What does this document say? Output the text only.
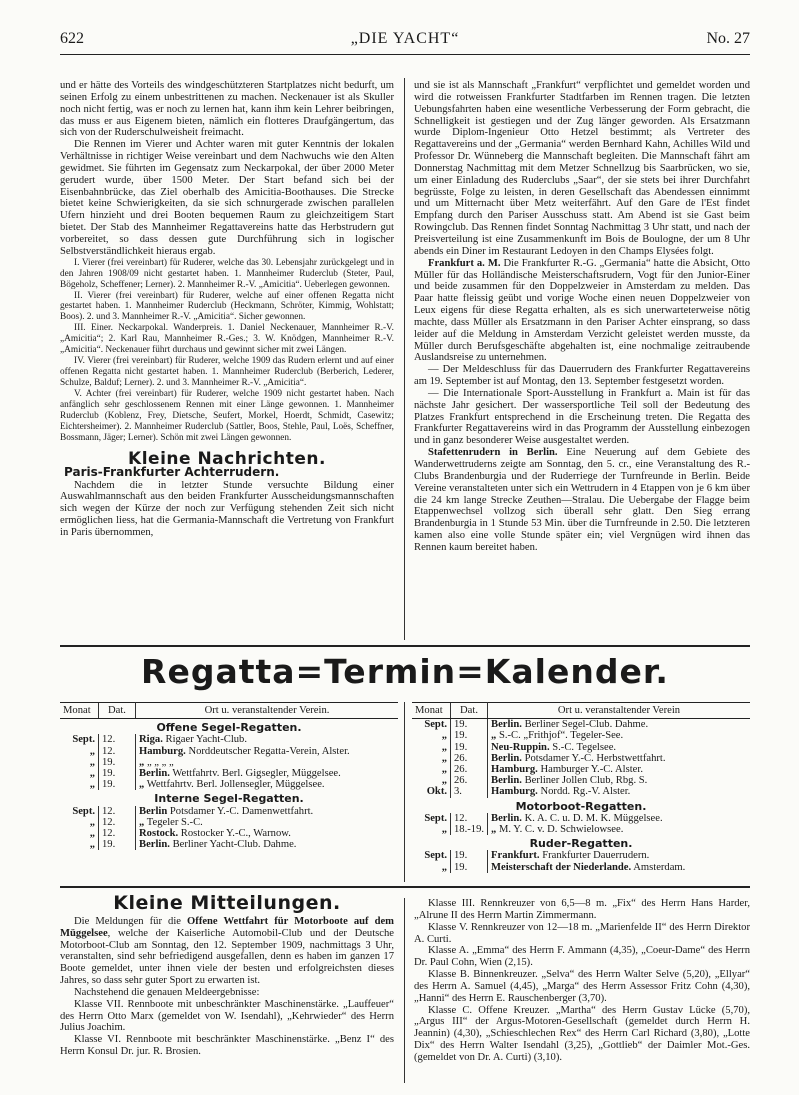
622	„DIE YACHT“	No. 27

und er hätte des Vorteils des windgeschützteren Startplatzes nicht bedurft, um seinen Erfolg zu einem unbestrittenen zu machen. Neckenauer ist als Skuller noch nicht fertig, was er noch zu lernen hat, kann ihm kein Lehrer beibringen, das muss er aus Eigenem bieten, nämlich ein flotteres Draufgängertum, das sich von der Ruderschulweisheit freimacht.

Die Rennen im Vierer und Achter waren mit guter Kenntnis der lokalen Verhältnisse in richtiger Weise vereinbart und dem Nachwuchs wie den Alten gewidmet. Sie führten im Gegensatz zum Neckarpokal, der über 2000 Meter gerudert wurde, über 1500 Meter. Der Start befand sich bei der Eisenbahnbrücke, das Ziel oberhalb des Amicitia-Boothauses. Die Strecke bietet keine Schwierigkeiten, da sie sich schnurgerade zwischen parallelen Ufern hinzieht und drei Booten bequemen Raum zu gleichzeitigem Start bietet. Der Stab des Mannheimer Regattavereins hatte das Herbstrudern gut vorbereitet, so dass dessen gute Durchführung sich in logischer Selbstverständlichkeit hieraus ergab.

I. Vierer (frei vereinbart) für Ruderer, welche das 30. Lebensjahr zurückgelegt und in den Jahren 1908/09 nicht gestartet haben. 1. Mannheimer Ruderclub (Steter, Paul, Bögeholz, Scheffener; Lerner). 2. Mannheimer R.-V. „Amicitia“. Ueberlegen gewonnen.

II. Vierer (frei vereinbart) für Ruderer, welche auf einer offenen Regatta nicht gestartet haben. 1. Mannheimer Ruderclub (Heckmann, Schröter, Kimmig, Wohlstatt; Boos). 2. und 3. Mannheimer R.-V. „Amicitia“. Sicher gewonnen.

III. Einer. Neckarpokal. Wanderpreis. 1. Daniel Neckenauer, Mannheimer R.-V. „Amicitia“; 2. Karl Rau, Mannheimer R.-Ges.; 3. W. Knödgen, Mannheimer R.-V. „Amicitia“. Neckenauer führt durchaus und gewinnt sicher mit zwei Längen.

IV. Vierer (frei vereinbart) für Ruderer, welche 1909 das Rudern erlernt und auf einer offenen Regatta nicht gestartet haben. 1. Mannheimer Ruderclub (Berberich, Lederer, Schulze, Balduf; Lerner). 2. und 3. Mannheimer R.-V. „Amicitia“.

V. Achter (frei vereinbart) für Ruderer, welche 1909 nicht gestartet haben. Nach anfänglich sehr geschlossenem Rennen mit einer Länge gewonnen. 1. Mannheimer Ruderclub (Koblenz, Frey, Dietsche, Seufert, Morkel, Hoerdt, Schmidt, Casewitz; Eichtersheimer). 2. Mannheimer Ruderclub (Sattler, Boos, Stehle, Paul, Loës, Scheffner, Bossmann, Jäger; Lerner). Schön mit zwei Längen gewonnen.

Kleine Nachrichten.
Paris-Frankfurter Achterrudern.

Nachdem die in letzter Stunde versuchte Bildung einer Auswahlmannschaft aus den beiden Frankfurter Ausscheidungsmannschaften sich wegen der Kürze der noch zur Verfügung stehenden Zeit sich nicht ermöglichen liess, hat die Germania-Mannschaft die Vertretung von Frankfurt in Paris übernommen,

und sie ist als Mannschaft „Frankfurt“ verpflichtet und gemeldet worden und wird die rotweissen Frankfurter Stadtfarben im Rennen tragen. Die letzten Uebungsfahrten haben eine wesentliche Verbesserung der Form gebracht, die Schnelligkeit ist gestiegen und der Zug länger geworden. Als Ersatzmann wurde Diplom-Ingenieur Otto Hetzel bestimmt; als Vertreter des Regattavereins und der „Germania“ werden Bernhard Kahn, Achilles Wild und Professor Dr. Wünneberg die Mannschaft begleiten. Die Mannschaft fährt am Donnerstag Nachmittag mit dem Metzer Schnellzug bis Saarbrücken, wo sie, um einer Einladung des Ruderclubs „Saar“, der sie stets bei ihrer Durchfahrt begrüsste, Folge zu leisten, in deren Gesellschaft das Abendessen einnimmt und um Mitternacht über Metz weiterfährt. Auf den Gare de l'Est findet Empfang durch den Pariser Ausschuss statt. Am Abend ist sie Gast beim Rowingclub. Das Rennen findet Sonntag Nachmittag 3 Uhr statt, und nach der Preisverteilung ist eine Zusammenkunft im Bois de Boulogne, der um 8 Uhr abends ein Diner im Restaurant Ledoyen in den Champs Elysées folgt.

Frankfurt a. M. Die Frankfurter R.-G. „Germania“ hatte die Absicht, Otto Müller für das Holländische Meisterschaftsrudern, Vogt für den Junior-Einer und beide zusammen für den Doppelzweier in Amsterdam zu melden. Das Paar hatte fleissig geübt und vorige Woche einen neuen Doppelzweier von Leux eigens für diese Regatta erhalten, als es sich unerwarteterweise nötig machte, dass Müller als Ersatzmann in den Pariser Achter einsprang, so dass leider auf die Meldung in Amsterdam Verzicht geleistet werden musste, da Müller durch Berufsgeschäfte abgehalten ist, eine nochmalige zeitraubende Auslandsreise zu unternehmen.

— Der Meldeschluss für das Dauerrudern des Frankfurter Regattavereins am 19. September ist auf Montag, den 13. September festgesetzt worden.

— Die Internationale Sport-Ausstellung in Frankfurt a. Main ist für das nächste Jahr gesichert. Der wassersportliche Teil soll der Bedeutung des Platzes Frankfurt entsprechend in die Erscheinung treten. Die Regatta des Frankfurter Regattavereins wird in das Programm der Ausstellung einbezogen und in ganz besonderer Weise ausgestaltet werden.

Stafettenrudern in Berlin. Eine Neuerung auf dem Gebiete des Wanderwettruderns zeigte am Sonntag, den 5. cr., eine Veranstaltung des R.-Clubs Brandenburgia und der Ruderriege der Turnfreunde in Berlin. Beide Vereine veranstalteten unter sich ein Wettrudern in 4 Etappen von je 6 km über die 24 km lange Strecke Zeuthen—Stralau. Die Uebergabe der Flagge beim Etappenwechsel vollzog sich überall sehr glatt. Den Sieg errang Brandenburgia in 1 Stunde 53 Min. über die Turnfreunde in 2.50. Die letzteren kamen also eine volle Stunde später ein; viel Vergnügen wird ihnen das Rennen kaum bereitet haben.

Regatta=Termin=Kalender.
Monat	Dat.	Ort u. veranstaltender Verein.
Offene Segel-Regatten.		
Sept.	12.	Riga. Rigaer Yacht-Club.
„	12.	Hamburg. Norddeutscher Regatta-Verein, Alster.
„	19.	„ „ „ „ „
„	19.	Berlin. Wettfahrtv. Berl. Gigsegler, Müggelsee.
„	19.	„ Wettfahrtv. Berl. Jollensegler, Müggelsee.
Interne Segel-Regatten.		
Sept.	12.	Berlin Potsdamer Y.-C. Damenwettfahrt.
„	12.	„ Tegeler S.-C.
„	12.	Rostock. Rostocker Y.-C., Warnow.
„	19.	Berlin. Berliner Yacht-Club. Dahme.
Monat	Dat.	Ort u. veranstaltender Verein
Sept.	19.	Berlin. Berliner Segel-Club. Dahme.
„	19.	„ S.-C. „Frithjof“. Tegeler-See.
„	19.	Neu-Ruppin. S.-C. Tegelsee.
„	26.	Berlin. Potsdamer Y.-C. Herbstwettfahrt.
„	26.	Hamburg. Hamburger Y.-C. Alster.
„	26.	Berlin. Berliner Jollen Club, Rbg. S.
Okt.	3.	Hamburg. Nordd. Rg.-V. Alster.
Motorboot-Regatten.		
Sept.	12.	Berlin. K. A. C. u. D. M. K. Müggelsee.
„	18.-19.	„ M. Y. C. v. D. Schwielowsee.
Ruder-Regatten.		
Sept.	19.	Frankfurt. Frankfurter Dauerrudern.
„	19.	Meisterschaft der Niederlande. Amsterdam.
Kleine Mitteilungen.

Die Meldungen für die Offene Wettfahrt für Motorboote auf dem Müggelsee, welche der Kaiserliche Automobil-Club und der Deutsche Motorboot-Club am Sonntag, den 12. September 1909, nachmittags 3 Uhr, veranstalten, sind sehr befriedigend ausgefallen, denn es haben im ganzen 17 Boote gemeldet, unter ihnen viele der besten und erfolgreichsten dieses Jahres, so dass sehr guter Sport zu erwarten ist.

Nachstehend die genauen Meldeergebnisse:

Klasse VII. Rennboote mit unbeschränkter Maschinenstärke. „Lauffeuer“ des Herrn Otto Marx (gemeldet von W. Isendahl), „Kehrwieder“ des Herrn Julius Joachim.

Klasse VI. Rennboote mit beschränkter Maschinenstärke. „Benz I“ des Herrn Konsul Dr. jur. R. Brosien.

Klasse III. Rennkreuzer von 6,5—8 m. „Fix“ des Herrn Hans Harder, „Alrune II des Herrn Martin Zimmermann.

Klasse V. Rennkreuzer von 12—18 m. „Marienfelde II“ des Herrn Direktor A. Curti.

Klasse A. „Emma“ des Herrn F. Ammann (4,35), „Coeur-Dame“ des Herrn Dr. Paul Cohn, Wien (2,15).

Klasse B. Binnenkreuzer. „Selva“ des Herrn Walter Selve (5,20), „Ellyar“ des Herrn A. Samuel (4,45), „Marga“ des Herrn Assessor Fritz Cohn (4,30), „Hanni“ des Herrn E. Rauschenberger (3,70).

Klasse C. Offene Kreuzer. „Martha“ des Herrn Gustav Lücke (5,70), „Argus III“ der Argus-Motoren-Gesellschaft (gemeldet durch Herrn H. Jeannin) (4,30), „Schieschlechen Rex“ des Herrn Carl Richard (3,80), „Lotte Dix“ des Herrn Walter Isendahl (3,25), „Gottlieb“ der Daimler Mot.-Ges. (gemeldet von Dr. A. Curti) (3,10).
